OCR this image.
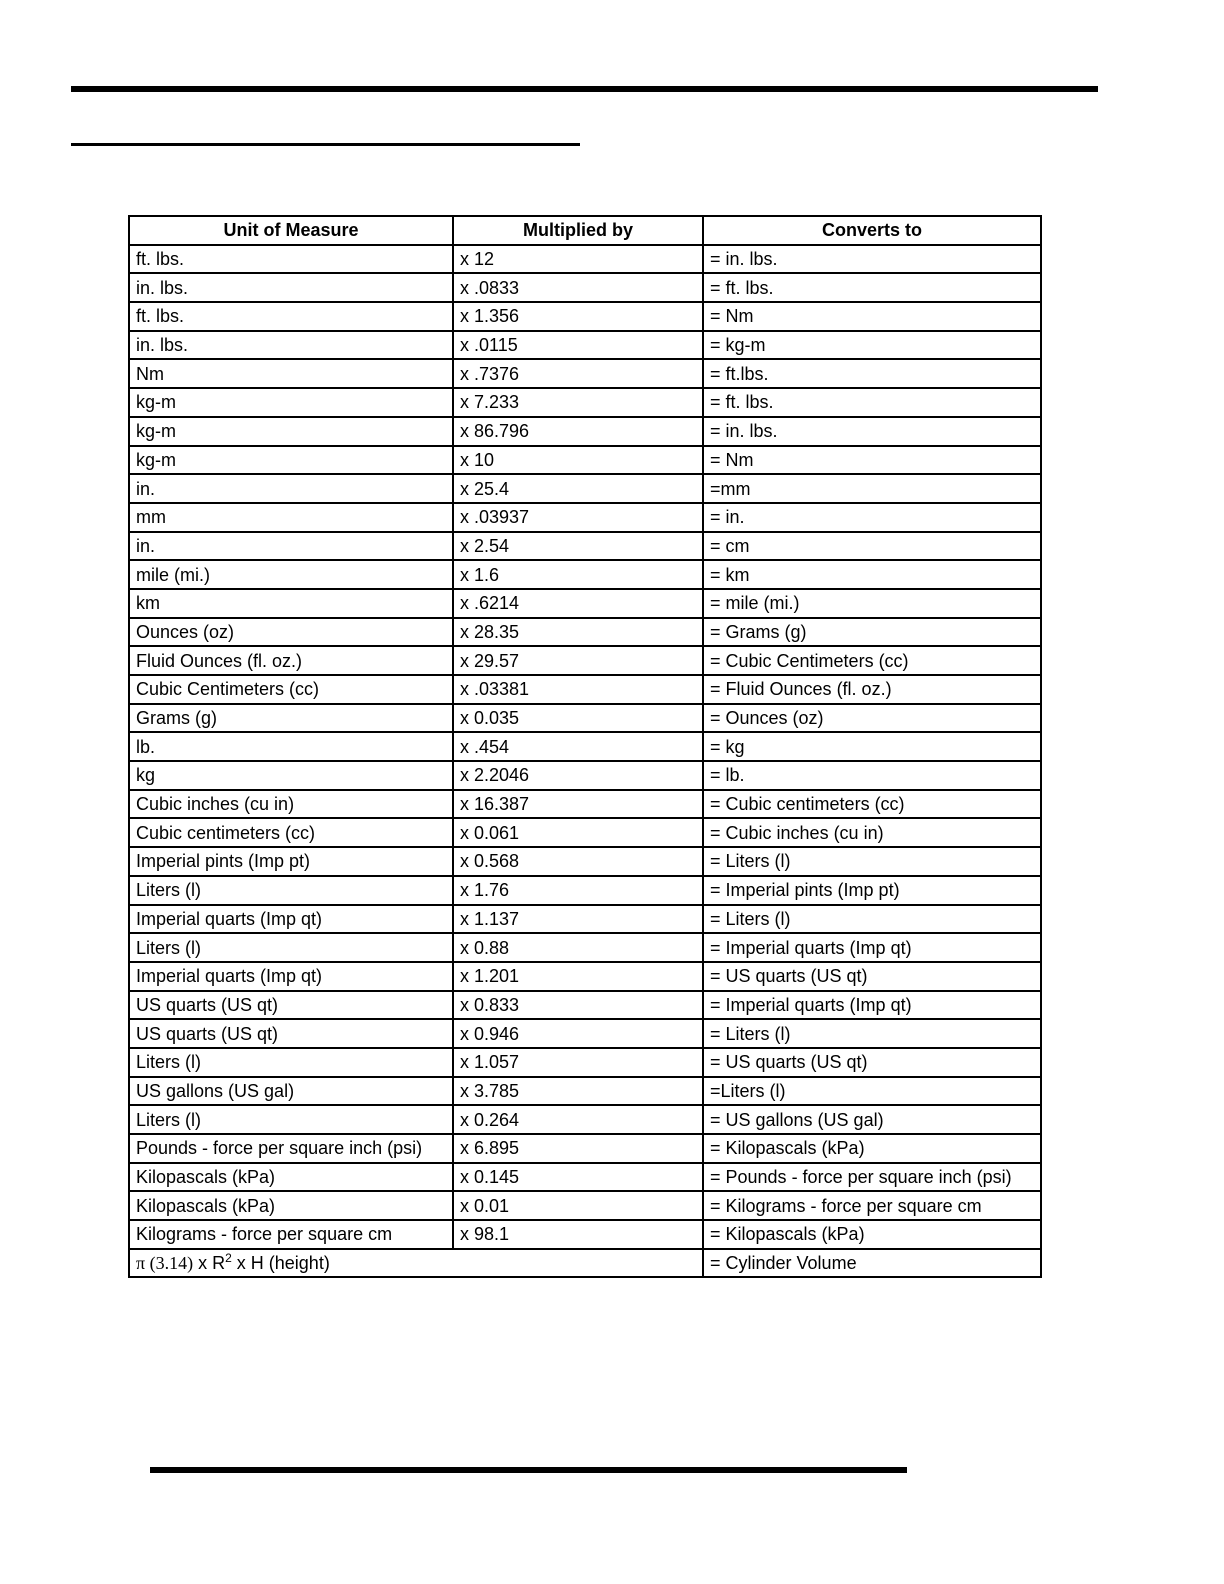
Unit of Measure	Multiplied by	Converts to
ft. lbs.	x 12	= in. lbs.
in. lbs.	x .0833	= ft. lbs.
ft. lbs.	x 1.356	= Nm
in. lbs.	x .0115	= kg-m
Nm	x .7376	= ft.lbs.
kg-m	x 7.233	= ft. lbs.
kg-m	x 86.796	= in. lbs.
kg-m	x 10	= Nm
in.	x 25.4	=mm
mm	x .03937	= in.
in.	x 2.54	= cm
mile (mi.)	x 1.6	= km
km	x .6214	= mile (mi.)
Ounces (oz)	x 28.35	= Grams (g)
Fluid Ounces (fl. oz.)	x 29.57	= Cubic Centimeters (cc)
Cubic Centimeters (cc)	x .03381	= Fluid Ounces (fl. oz.)
Grams (g)	x 0.035	= Ounces (oz)
lb.	x .454	= kg
kg	x 2.2046	= lb.
Cubic inches (cu in)	x 16.387	= Cubic centimeters (cc)
Cubic centimeters (cc)	x 0.061	= Cubic inches (cu in)
Imperial pints (Imp pt)	x 0.568	= Liters (l)
Liters (l)	x 1.76	= Imperial pints (Imp pt)
Imperial quarts (Imp qt)	x 1.137	= Liters (l)
Liters (l)	x 0.88	= Imperial quarts (Imp qt)
Imperial quarts (Imp qt)	x 1.201	= US quarts (US qt)
US quarts (US qt)	x 0.833	= Imperial quarts (Imp qt)
US quarts (US qt)	x 0.946	= Liters (l)
Liters (l)	x 1.057	= US quarts (US qt)
US gallons (US gal)	x 3.785	=Liters (l)
Liters (l)	x 0.264	= US gallons (US gal)
Pounds - force per square inch (psi)	x 6.895	= Kilopascals (kPa)
Kilopascals (kPa)	x 0.145	= Pounds - force per square inch (psi)
Kilopascals (kPa)	x 0.01	= Kilograms - force per square cm
Kilograms - force per square cm	x 98.1	= Kilopascals (kPa)
π (3.14) x $R^2$ x H (height)		= Cylinder Volume
